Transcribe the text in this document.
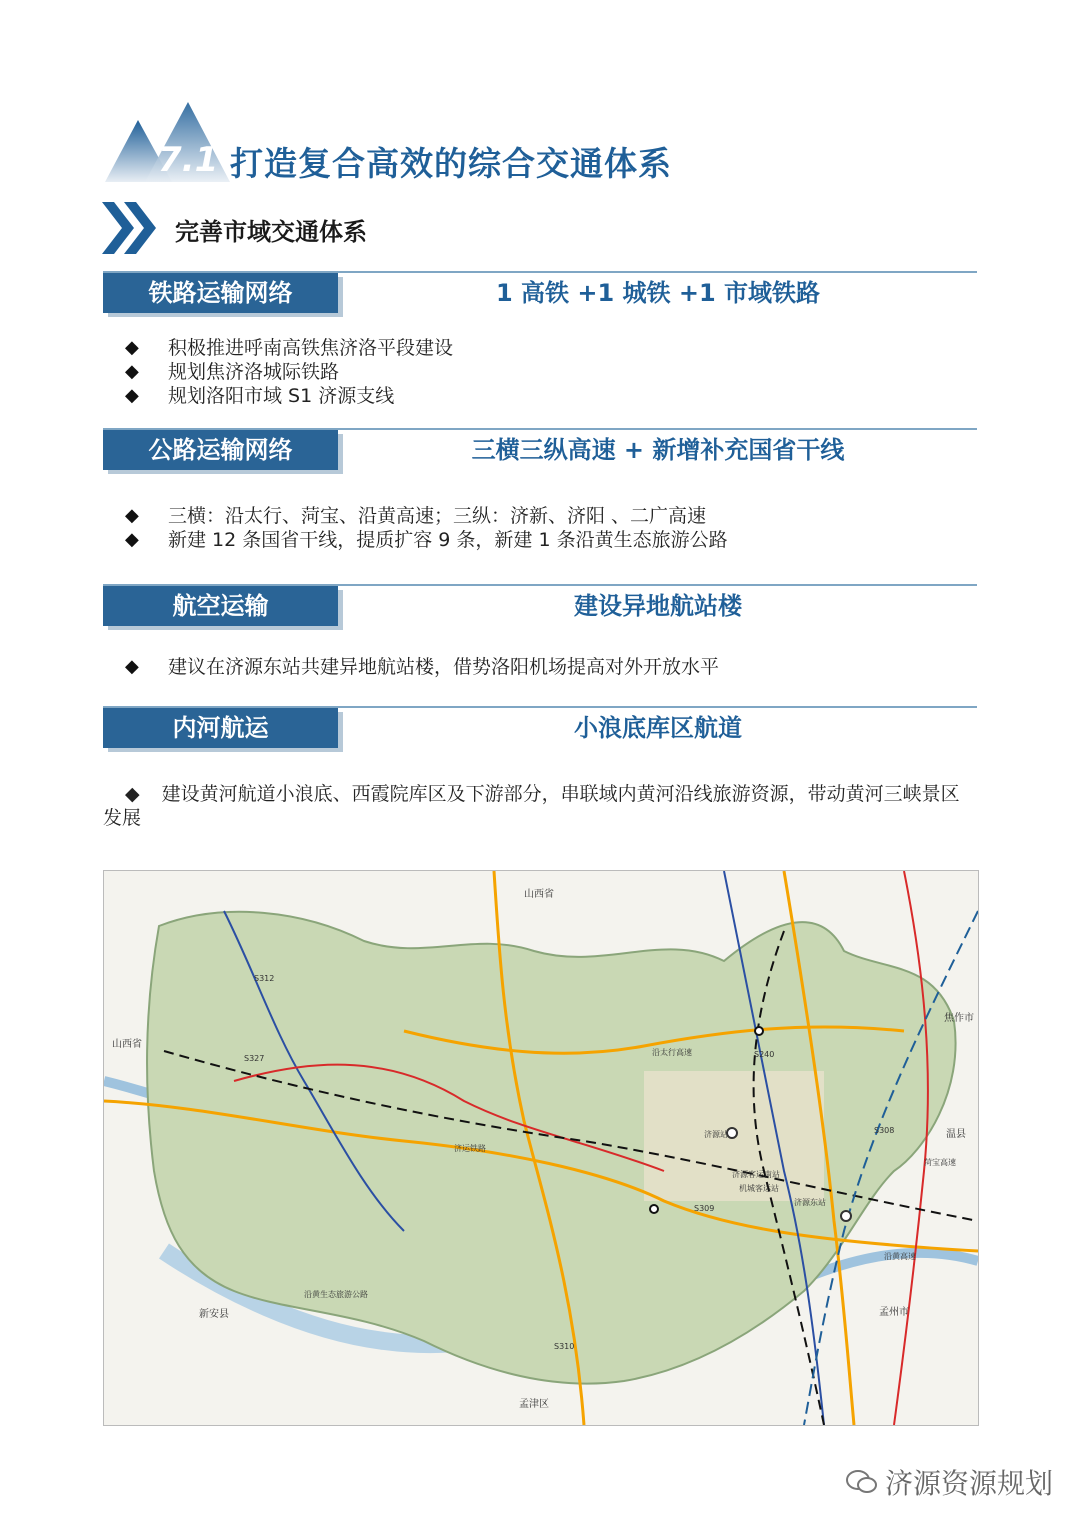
7.1 打造复合高效的综合交通体系
完善市域交通体系
铁路运输网络	1 高铁 +1 城铁 +1 市域铁路
◆	积极推进呼南高铁焦济洛平段建设
◆	规划焦济洛城际铁路
◆	规划洛阳市域 S1 济源支线
公路运输网络	三横三纵高速 + 新增补充国省干线
◆	三横：沿太行、菏宝、沿黄高速；三纵：济新、济阳 、二广高速
◆	新建 12 条国省干线，提质扩容 9 条，新建 1 条沿黄生态旅游公路
航空运输	建设异地航站楼
◆	建议在济源东站共建异地航站楼，借势洛阳机场提高对外开放水平
内河航运	小浪底库区航道
◆ 建设黄河航道小浪底、西霞院库区及下游部分，串联域内黄河沿线旅游资源，带动黄河三峡景区发展
山西省
山西省
新安县
孟津区
孟州市
焦作市
温县
济源站
济源东站
济源客运南站
机城客运站
沿黄高速
菏宝高速
沿太行高速
济运铁路
沿黄生态旅游公路
S327
S312
S240
S308
S309
S310
济源资源规划
